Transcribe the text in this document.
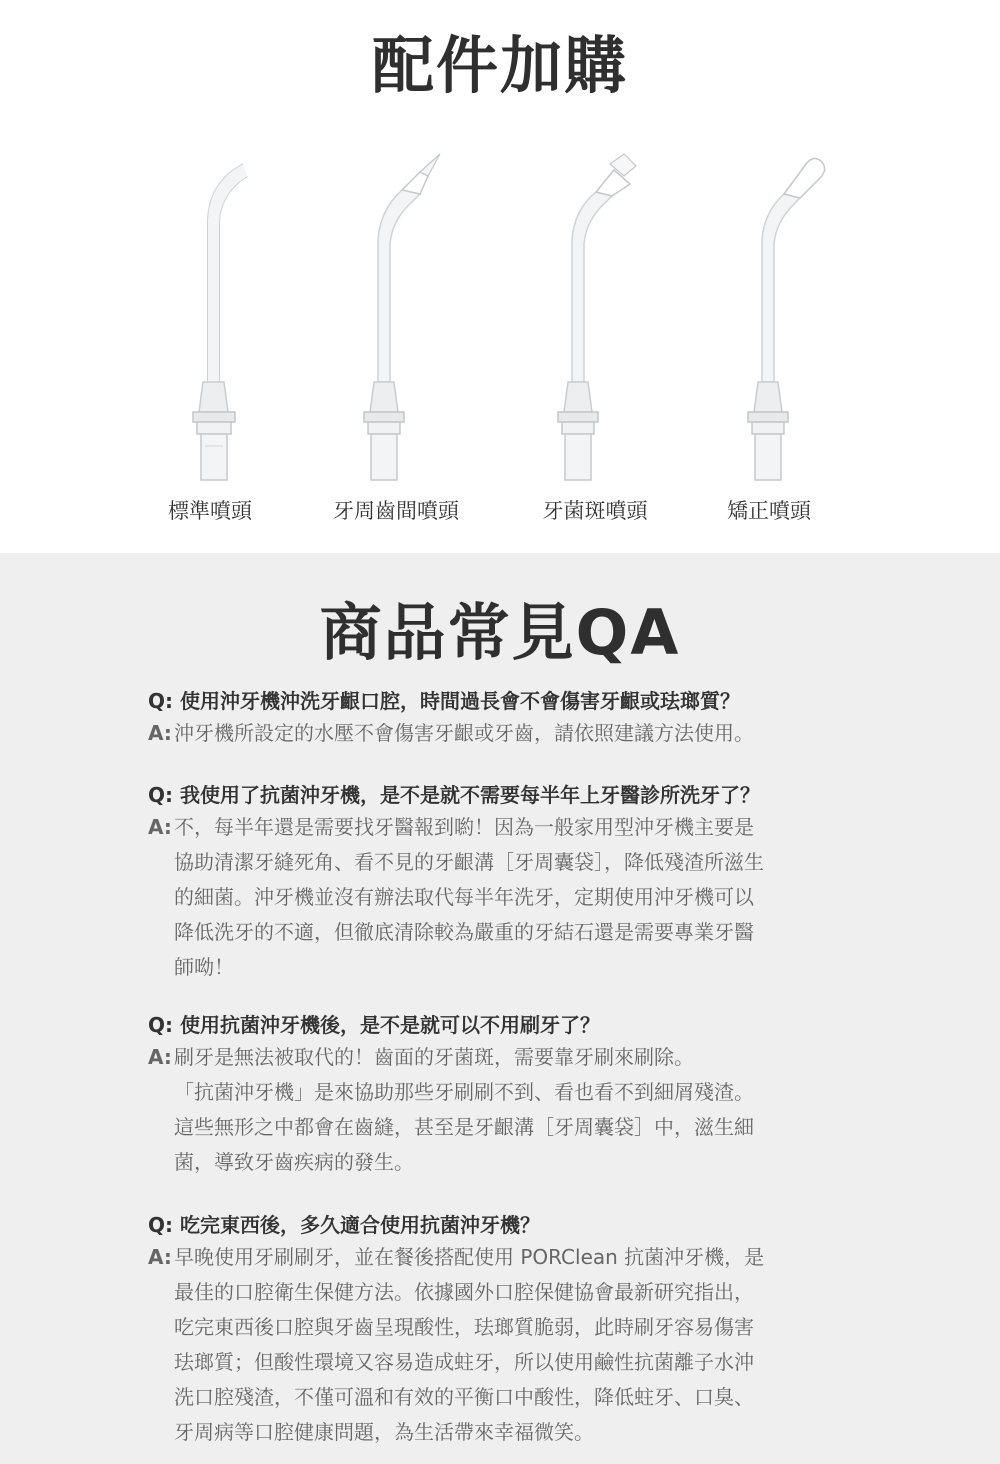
配件加購
標準噴頭	牙周齒間噴頭	牙菌斑噴頭	矯正噴頭
商品常見QA

Q: 使用沖牙機沖洗牙齦口腔，時間過長會不會傷害牙齦或珐瑯質？

A: 沖牙機所設定的水壓不會傷害牙齦或牙齒，請依照建議方法使用。

Q: 我使用了抗菌沖牙機，是不是就不需要每半年上牙醫診所洗牙了？

A: 不，每半年還是需要找牙醫報到喲！因為一般家用型沖牙機主要是

協助清潔牙縫死角、看不見的牙齦溝［牙周囊袋］，降低殘渣所滋生

的細菌。沖牙機並沒有辦法取代每半年洗牙，定期使用沖牙機可以

降低洗牙的不適，但徹底清除較為嚴重的牙結石還是需要專業牙醫

師呦！

Q: 使用抗菌沖牙機後，是不是就可以不用刷牙了？

A: 刷牙是無法被取代的！齒面的牙菌斑，需要靠牙刷來刷除。

「抗菌沖牙機」是來協助那些牙刷刷不到、看也看不到細屑殘渣。

這些無形之中都會在齒縫，甚至是牙齦溝［牙周囊袋］中，滋生細

菌，導致牙齒疾病的發生。

Q: 吃完東西後，多久適合使用抗菌沖牙機？

A: 早晚使用牙刷刷牙，並在餐後搭配使用 PORClean 抗菌沖牙機，是

最佳的口腔衛生保健方法。依據國外口腔保健協會最新研究指出，

吃完東西後口腔與牙齒呈現酸性，珐瑯質脆弱，此時刷牙容易傷害

珐瑯質；但酸性環境又容易造成蛀牙，所以使用鹼性抗菌離子水沖

洗口腔殘渣，不僅可溫和有效的平衡口中酸性，降低蛀牙、口臭、

牙周病等口腔健康問題，為生活帶來幸福微笑。
